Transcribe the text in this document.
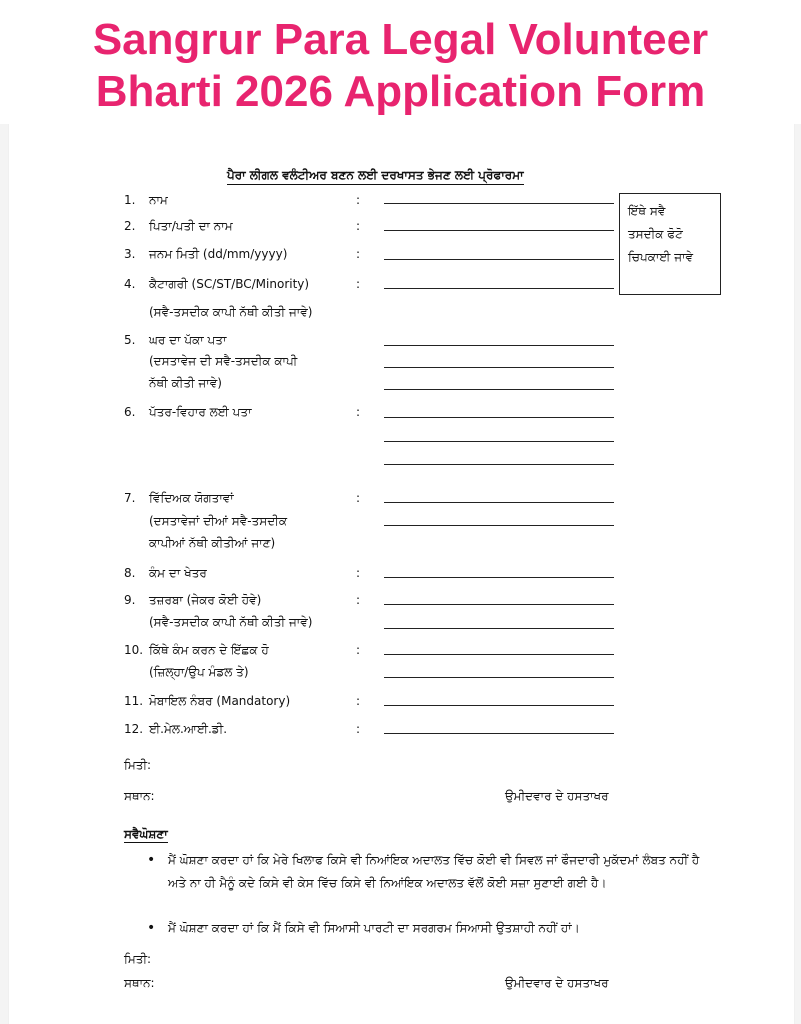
Sangrur Para Legal Volunteer
Bharti 2026 Application Form
ਪੈਰਾ ਲੀਗਲ ਵਲੰਟੀਅਰ ਬਣਨ ਲਈ ਦਰਖਾਸਤ ਭੇਜਣ ਲਈ ਪ੍ਰੋਫਾਰਮਾ
ਇੱਥੇ ਸਵੈ
ਤਸਦੀਕ ਫੋਟੋ
ਚਿਪਕਾਈ ਜਾਵੇ
1. ਨਾਮ	:
2. ਪਿਤਾ/ਪਤੀ ਦਾ ਨਾਮ	:
3. ਜਨਮ ਮਿਤੀ (dd/mm/yyyy)	:
4. ਕੈਟਾਗਰੀ (SC/ST/BC/Minority)
(ਸਵੈ-ਤਸਦੀਕ ਕਾਪੀ ਨੱਥੀ ਕੀਤੀ ਜਾਵੇ)
:
5. ਘਰ ਦਾ ਪੱਕਾ ਪਤਾ
(ਦਸਤਾਵੇਜ ਦੀ ਸਵੈ-ਤਸਦੀਕ ਕਾਪੀ
ਨੱਥੀ ਕੀਤੀ ਜਾਵੇ)
6. ਪੱਤਰ-ਵਿਹਾਰ ਲਈ ਪਤਾ	:
7. ਵਿੱਦਿਅਕ ਯੋਗਤਾਵਾਂ
(ਦਸਤਾਵੇਜਾਂ ਦੀਆਂ ਸਵੈ-ਤਸਦੀਕ
ਕਾਪੀਆਂ ਨੱਥੀ ਕੀਤੀਆਂ ਜਾਣ)
:
8. ਕੰਮ ਦਾ ਖੇਤਰ	:
9. ਤਜ਼ਰਬਾ (ਜੇਕਰ ਕੋਈ ਹੋਵੇ)
(ਸਵੈ-ਤਸਦੀਕ ਕਾਪੀ ਨੱਥੀ ਕੀਤੀ ਜਾਵੇ)
:
10. ਕਿੱਥੇ ਕੰਮ ਕਰਨ ਦੇ ਇੱਛਕ ਹੋ
(ਜ਼ਿਲ੍ਹਾ/ਉਪ ਮੰਡਲ ਤੇ)
:
11. ਮੋਬਾਇਲ ਨੰਬਰ (Mandatory)	:
12. ਈ.ਮੇਲ.ਆਈ.ਡੀ.	:
ਮਿਤੀ:
ਸਥਾਨ:	ਉਮੀਦਵਾਰ ਦੇ ਹਸਤਾਖਰ
ਸਵੈਘੋਸ਼ਣਾ
• ਮੈਂ ਘੋਸ਼ਣਾ ਕਰਦਾ ਹਾਂ ਕਿ ਮੇਰੇ ਖਿਲਾਫ ਕਿਸੇ ਵੀ ਨਿਆਂਇਕ ਅਦਾਲਤ ਵਿੱਚ ਕੋਈ ਵੀ ਸਿਵਲ ਜਾਂ ਫੌਜਦਾਰੀ ਮੁਕੱਦਮਾਂ ਲੰਬਤ ਨਹੀਂ ਹੈ ਅਤੇ ਨਾ ਹੀ ਮੈਨੂੰ ਕਦੇ ਕਿਸੇ ਵੀ ਕੇਸ ਵਿੱਚ ਕਿਸੇ ਵੀ ਨਿਆਂਇਕ ਅਦਾਲਤ ਵੱਲੋਂ ਕੋਈ ਸਜ਼ਾ ਸੁਣਾਈ ਗਈ ਹੈ।
• ਮੈਂ ਘੋਸ਼ਣਾ ਕਰਦਾ ਹਾਂ ਕਿ ਮੈਂ ਕਿਸੇ ਵੀ ਸਿਆਸੀ ਪਾਰਟੀ ਦਾ ਸਰਗਰਮ ਸਿਆਸੀ ਉਤਸ਼ਾਹੀ ਨਹੀਂ ਹਾਂ।
ਮਿਤੀ:
ਸਥਾਨ:	ਉਮੀਦਵਾਰ ਦੇ ਹਸਤਾਖਰ
